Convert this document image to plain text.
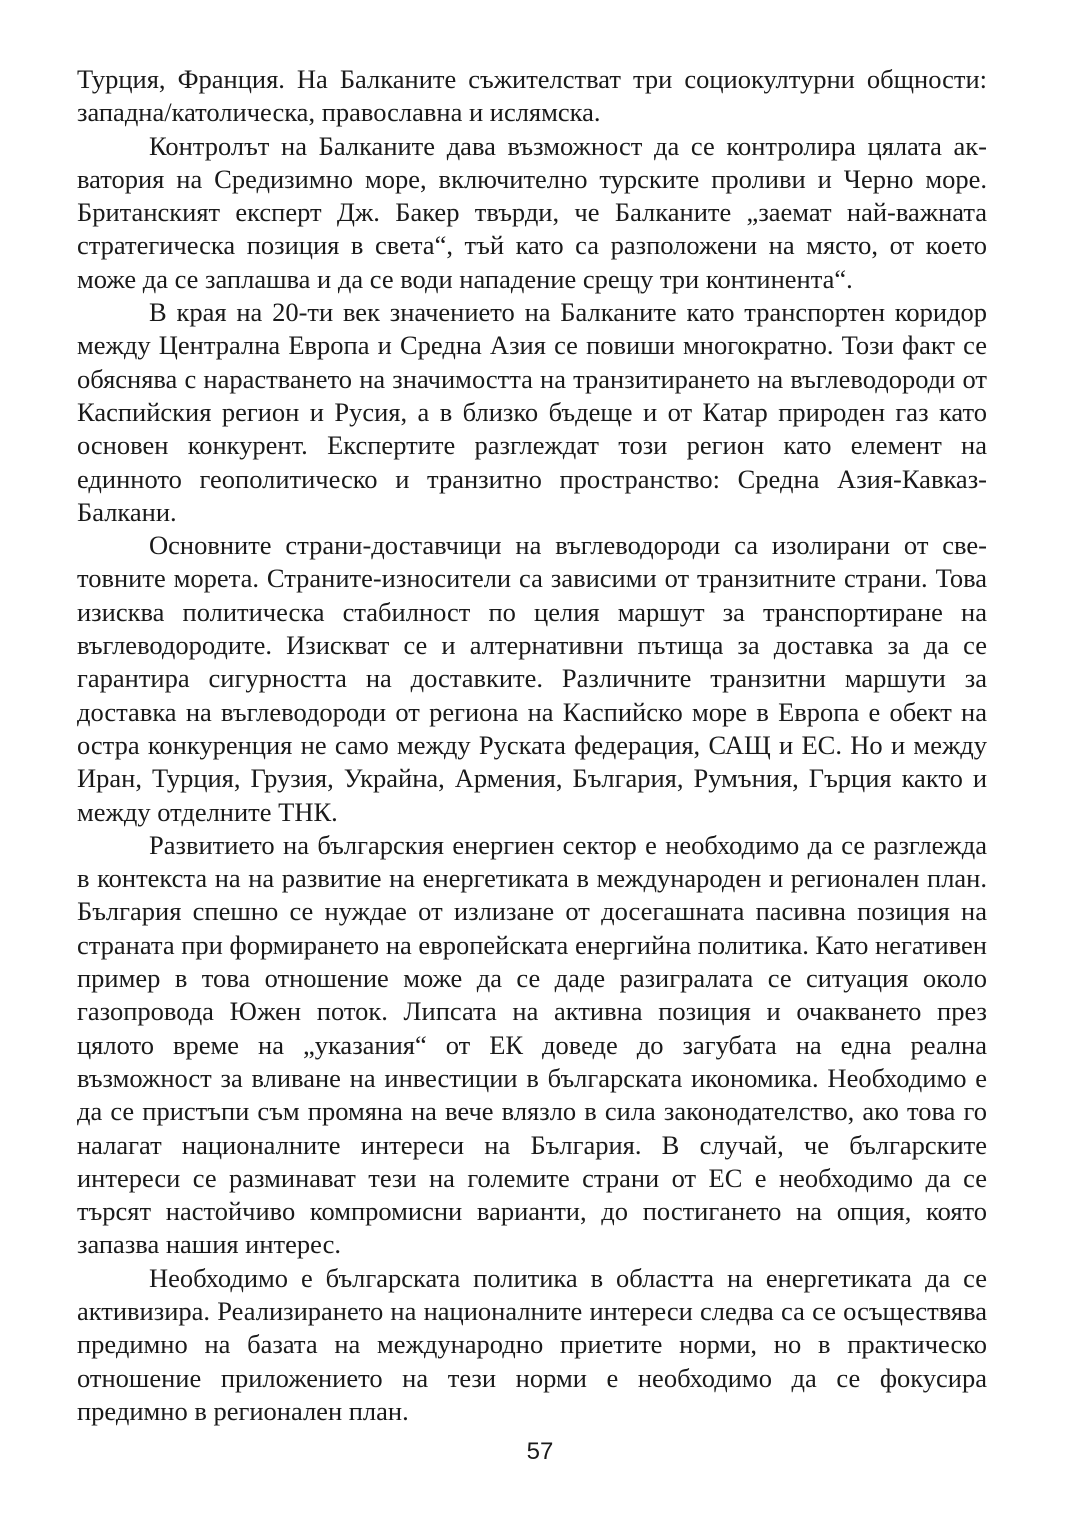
Турция, Франция. На Балканите съжителстват три социокултурни общности: западна/католическа, православна и ислямска.

Контролът на Балканите дава възможност да се контролира цялата акватория на Средизимно море, включително турските проливи и Черно море. Британският експерт Дж. Бакер твърди, че Балканите „заемат най-важната стратегическа позиция в света“, тъй като са разположени на място, от което може да се заплашва и да се води нападение срещу три континента“.

В края на 20-ти век значението на Балканите като транспортен коридор между Централна Европа и Средна Азия се повиши многократно. Този факт се обяснява с нарастването на значимостта на транзитирането на въглеводороди от Каспийския регион и Русия, а в близко бъдеще и от Катар природен газ като основен конкурент. Експертите разглеждат този регион като елемент на единното геополитическо и транзитно пространство: Средна Азия-Кавказ-Балкани.

Основните страни-доставчици на въглеводороди са изолирани от световните морета. Страните-износители са зависими от транзитните страни. Това изисква политическа стабилност по целия маршут за транспортиране на въглеводородите. Изискват се и алтернативни пътища за доставка за да се гарантира сигурността на доставките. Различните транзитни маршути за доставка на въглеводороди от региона на Каспийско море в Европа е обект на остра конкуренция не само между Руската федерация, САЩ и ЕС. Но и между Иран, Турция, Грузия, Украйна, Армения, България, Румъния, Гърция както и между отделните ТНК.

Развитието на българския енергиен сектор е необходимо да се разглежда в контекста на на развитие на енергетиката в международен и регионален план. България спешно се нуждае от излизане от досегашната пасивна позиция на страната при формирането на европейската енергийна политика. Като негативен пример в това отношение може да се даде разигралата се ситуация около газопровода Южен поток. Липсата на активна позиция и очакването през цялото време на „указания“ от ЕК доведе до загубата на една реална възможност за вливане на инвестиции в българската икономика. Необходимо е да се пристъпи съм промяна на вече влязло в сила законодателство, ако това го налагат националните интереси на България. В случай, че българските интереси се разминават тези на големите страни от ЕС е необходимо да се търсят настойчиво компромисни варианти, до постигането на опция, която запазва нашия интерес.

Необходимо е българската политика в областта на енергетиката да се активизира. Реализирането на националните интереси следва са се осъществява предимно на базата на международно приетите норми, но в практическо отношение приложението на тези норми е необходимо да се фокусира предимно в регионален план.

57
